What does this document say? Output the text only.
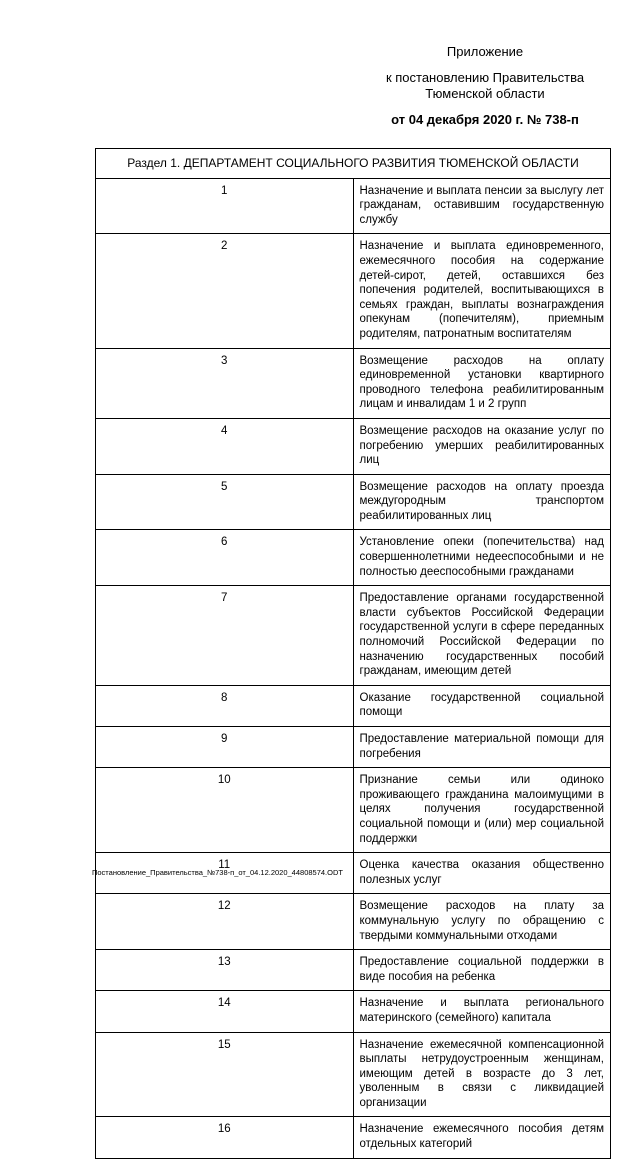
Приложение
к постановлению Правительства
Тюменской области
от 04 декабря 2020 г. № 738-п
Раздел 1. ДЕПАРТАМЕНТ СОЦИАЛЬНОГО РАЗВИТИЯ ТЮМЕНСКОЙ ОБЛАСТИ	
1	Назначение и выплата пенсии за выслугу лет гражданам, оставившим государственную службу
2	Назначение и выплата единовременного, ежемесячного пособия на содержание детей-сирот, детей, оставшихся без попечения родителей, воспитывающихся в семьях граждан, выплаты вознаграждения опекунам (попечителям), приемным родителям, патронатным воспитателям
3	Возмещение расходов на оплату единовременной установки квартирного проводного телефона реабилитированным лицам и инвалидам 1 и 2 групп
4	Возмещение расходов на оказание услуг по погребению умерших реабилитированных лиц
5	Возмещение расходов на оплату проезда междугородным транспортом реабилитированных лиц
6	Установление опеки (попечительства) над совершеннолетними недееспособными и не полностью дееспособными гражданами
7	Предоставление органами государственной власти субъектов Российской Федерации государственной услуги в сфере переданных полномочий Российской Федерации по назначению государственных пособий гражданам, имеющим детей
8	Оказание государственной социальной помощи
9	Предоставление материальной помощи для погребения
10	Признание семьи или одиноко проживающего гражданина малоимущими в целях получения государственной социальной помощи и (или) мер социальной поддержки
11	Оценка качества оказания общественно полезных услуг
12	Возмещение расходов на плату за коммунальную услугу по обращению с твердыми коммунальными отходами
13	Предоставление социальной поддержки в виде пособия на ребенка
14	Назначение и выплата регионального материнского (семейного) капитала
15	Назначение ежемесячной компенсационной выплаты нетрудоустроенным женщинам, имеющим детей в возрасте до 3 лет, уволенным в связи с ликвидацией организации
16	Назначение ежемесячного пособия детям отдельных категорий
Постановление_Правительства_№738-п_от_04.12.2020_44808574.ODT
